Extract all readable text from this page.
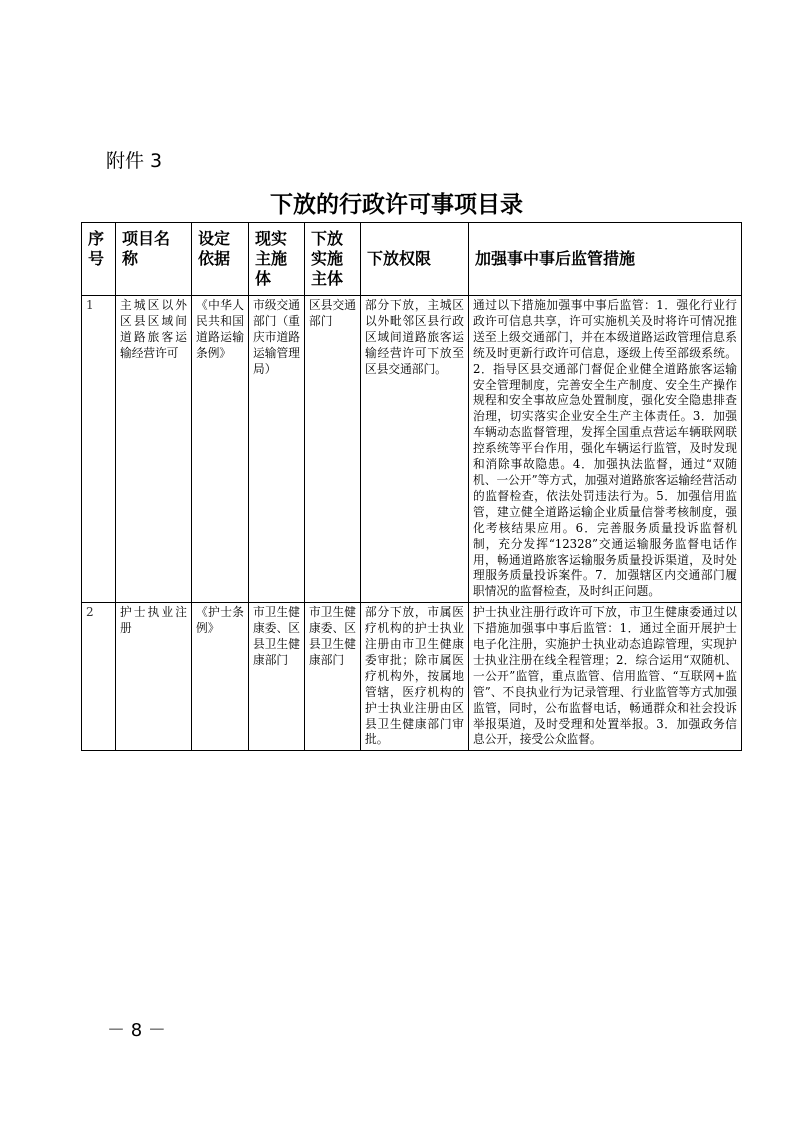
附件 3
下放的行政许可事项目录
序号	项目名称	设定依据	现实主施体	下放实施主体	下放权限	加强事中事后监管措施
1	主城区以外区县区域间道路旅客运输经营许可	《中华人民共和国道路运输条例》	市级交通部门（重庆市道路运输管理局）	区县交通部门	部分下放，主城区以外毗邻区县行政区域间道路旅客运输经营许可下放至区县交通部门。	通过以下措施加强事中事后监管：1．强化行业行政许可信息共享，许可实施机关及时将许可情况推送至上级交通部门，并在本级道路运政管理信息系统及时更新行政许可信息，逐级上传至部级系统。2．指导区县交通部门督促企业健全道路旅客运输安全管理制度，完善安全生产制度、安全生产操作规程和安全事故应急处置制度，强化安全隐患排查治理，切实落实企业安全生产主体责任。3．加强车辆动态监督管理，发挥全国重点营运车辆联网联控系统等平台作用，强化车辆运行监管，及时发现和消除事故隐患。4．加强执法监督，通过“双随机、一公开”等方式，加强对道路旅客运输经营活动的监督检查，依法处罚违法行为。5．加强信用监管，建立健全道路运输企业质量信誉考核制度，强化考核结果应用。6．完善服务质量投诉监督机制，充分发挥“12328”交通运输服务监督电话作用，畅通道路旅客运输服务质量投诉渠道，及时处理服务质量投诉案件。7．加强辖区内交通部门履职情况的监督检查，及时纠正问题。
2	护士执业注册	《护士条例》	市卫生健康委、区县卫生健康部门	市卫生健康委、区县卫生健康部门	部分下放，市属医疗机构的护士执业注册由市卫生健康委审批；除市属医疗机构外，按属地管辖，医疗机构的护士执业注册由区县卫生健康部门审批。	护士执业注册行政许可下放，市卫生健康委通过以下措施加强事中事后监管：1．通过全面开展护士电子化注册，实施护士执业动态追踪管理，实现护士执业注册在线全程管理；2．综合运用“双随机、一公开”监管，重点监管、信用监管、“互联网+监管”、不良执业行为记录管理、行业监管等方式加强监管，同时，公布监督电话，畅通群众和社会投诉举报渠道，及时受理和处置举报。3．加强政务信息公开，接受公众监督。
－ 8 －
